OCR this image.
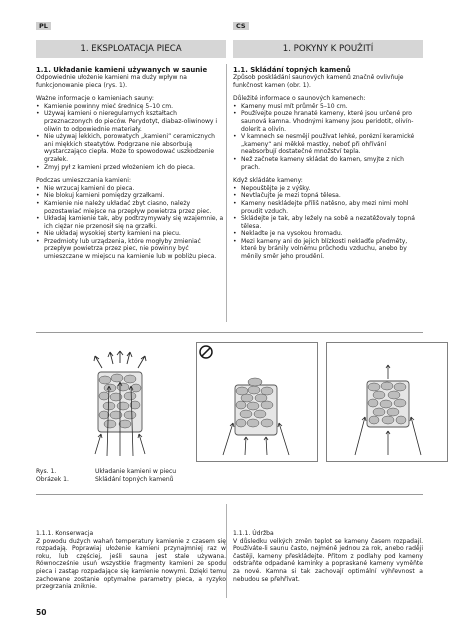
PL	CS
1. EKSPLOATACJA PIECA	1. POKYNY K POUŽITÍ
1.1. Układanie kamieni używanych w saunie

Odpowiednie ułożenie kamieni ma duży wpływ na funkcjonowanie pieca (rys. 1).

Ważne informacje o kamieniach sauny:

• Kamienie powinny mieć średnicę 5–10 cm.
• Używaj kamieni o nieregularnych kształtach przeznaczonych do pieców. Perydotyt, diabaz-oliwinowy i oliwin to odpowiednie materiały.
• Nie używaj lekkich, porowatych „kamieni” ceramicznych ani miękkich steatytów. Podgrzane nie absorbują wystarczająco ciepła. Może to spowodować uszkodzenie grzałek.
• Zmyj pył z kamieni przed włożeniem ich do pieca.

Podczas umieszczania kamieni:

• Nie wrzucaj kamieni do pieca.
• Nie blokuj kamieni pomiędzy grzałkami.
• Kamienie nie należy układać zbyt ciasno, należy pozostawiać miejsce na przepływ powietrza przez piec.
• Układaj kamienie tak, aby podtrzymywały się wzajemnie, a ich ciężar nie przenosił się na grzałki.
• Nie układaj wysokiej sterty kamieni na piecu.
• Przedmioty lub urządzenia, które mogłyby zmieniać przepływ powietrza przez piec, nie powinny być umieszczane w miejscu na kamienie lub w pobliżu pieca.
1.1. Skládání topných kamenů

Způsob poskládání saunových kamenů značně ovlivňuje funkčnost kamen (obr. 1).

Důležité informace o saunových kamenech:

• Kameny musí mít průměr 5–10 cm.
• Používejte pouze hranaté kameny, které jsou určené pro saunová kamna. Vhodnými kameny jsou peridotit, olivín-dolerit a olivín.
• V kamnech se nesmějí používat lehké, porézní keramické „kameny“ ani měkké mastky, neboť při ohřívání neabsorbují dostatečné množství tepla.
• Než začnete kameny skládat do kamen, smyjte z nich prach.

Když skládáte kameny:

• Nepouštějte je z výšky.
• Nevtlačujte je mezi topná tělesa.
• Kameny neskládejte příliš natěsno, aby mezi nimi mohl proudit vzduch.
• Skládejte je tak, aby ležely na sobě a nezatěžovaly topná tělesa.
• Nekladte je na vysokou hromadu.
• Mezi kameny ani do jejich blízkosti nekladťe předměty, které by bránily volnému průchodu vzduchu, anebo by měnily směr jeho proudění.
Rys. 1.
Obrázek 1.
Układanie kamieni w piecu
Skládání topných kamenů

1.1.1. Konserwacja

Z powodu dużych wahań temperatury kamienie z czasem się rozpadają. Poprawiaj ułożenie kamieni przynajmniej raz w roku, lub częściej, jeśli sauna jest stale używana. Równocześnie usuń wszystkie fragmenty kamieni ze spodu pieca i zastąp rozpadające się kamienie nowymi. Dzięki temu zachowane zostanie optymalne parametry pieca, a ryzyko przegrzania zniknie.

1.1.1. Údržba

V důsledku velkých změn teplot se kameny časem rozpadají. Používáte-li saunu často, nejméně jednou za rok, anebo raději častěji, kameny přeskládejte. Přitom z podlahy pod kameny odstraňte odpadané kaminky a popraskané kameny vyměňte za nové. Kamna si tak zachovají optimální výhřevnost a nebudou se přehřívat.

50
